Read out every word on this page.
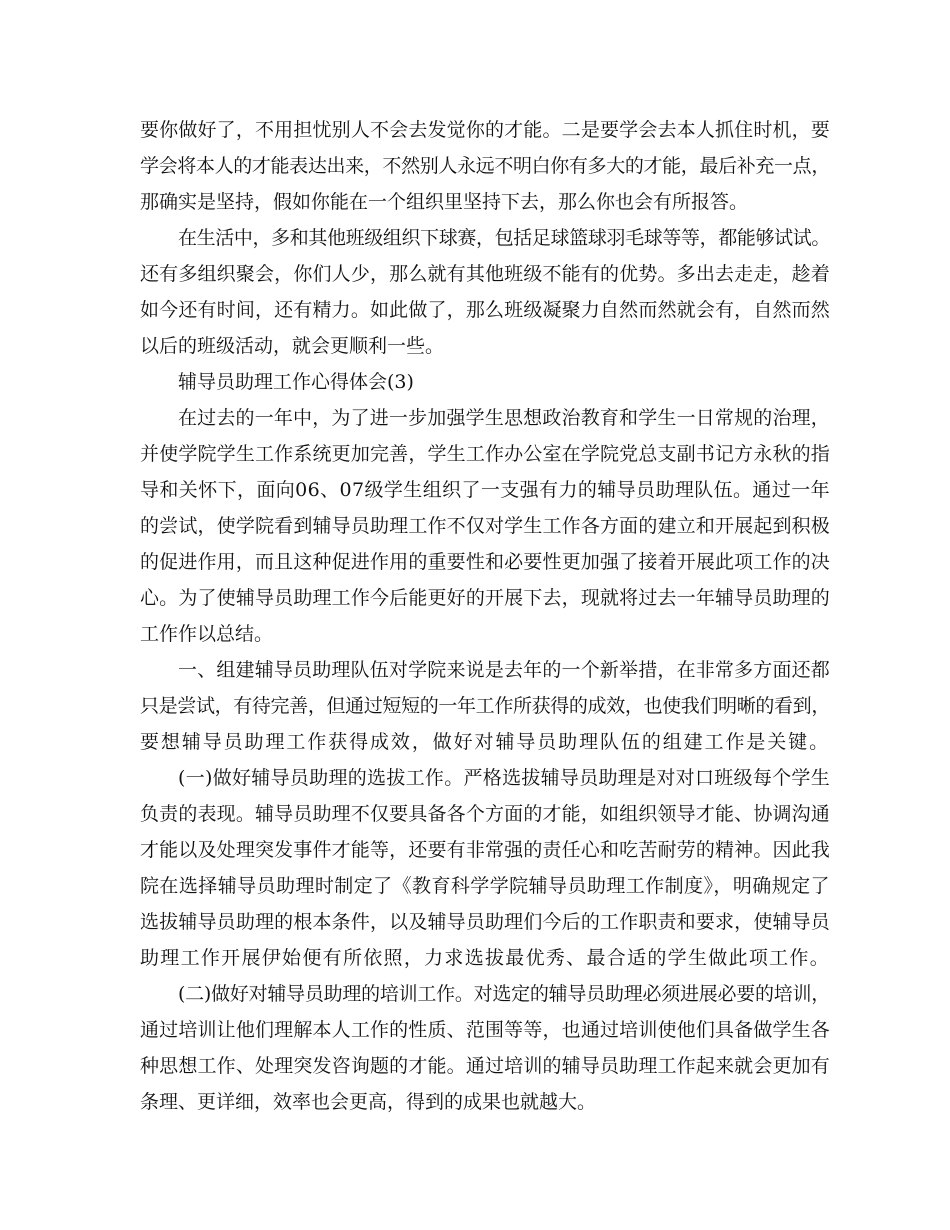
要你做好了，不用担忧别人不会去发觉你的才能。二是要学会去本人抓住时机，要
学会将本人的才能表达出来，不然别人永远不明白你有多大的才能，最后补充一点，
那确实是坚持，假如你能在一个组织里坚持下去，那么你也会有所报答。
在生活中，多和其他班级组织下球赛，包括足球篮球羽毛球等等，都能够试试。
还有多组织聚会，你们人少，那么就有其他班级不能有的优势。多出去走走，趁着
如今还有时间，还有精力。如此做了，那么班级凝聚力自然而然就会有，自然而然
以后的班级活动，就会更顺利一些。
辅导员助理工作心得体会(3)
在过去的一年中，为了进一步加强学生思想政治教育和学生一日常规的治理，
并使学院学生工作系统更加完善，学生工作办公室在学院党总支副书记方永秋的指
导和关怀下，面向06、07级学生组织了一支强有力的辅导员助理队伍。通过一年
的尝试，使学院看到辅导员助理工作不仅对学生工作各方面的建立和开展起到积极
的促进作用，而且这种促进作用的重要性和必要性更加强了接着开展此项工作的决
心。为了使辅导员助理工作今后能更好的开展下去，现就将过去一年辅导员助理的
工作作以总结。
一、组建辅导员助理队伍对学院来说是去年的一个新举措，在非常多方面还都
只是尝试，有待完善，但通过短短的一年工作所获得的成效，也使我们明晰的看到，
要想辅导员助理工作获得成效，做好对辅导员助理队伍的组建工作是关键。
(一)做好辅导员助理的选拔工作。严格选拔辅导员助理是对对口班级每个学生
负责的表现。辅导员助理不仅要具备各个方面的才能，如组织领导才能、协调沟通
才能以及处理突发事件才能等，还要有非常强的责任心和吃苦耐劳的精神。因此我
院在选择辅导员助理时制定了《教育科学学院辅导员助理工作制度》，明确规定了
选拔辅导员助理的根本条件，以及辅导员助理们今后的工作职责和要求，使辅导员
助理工作开展伊始便有所依照，力求选拔最优秀、最合适的学生做此项工作。
(二)做好对辅导员助理的培训工作。对选定的辅导员助理必须进展必要的培训，
通过培训让他们理解本人工作的性质、范围等等，也通过培训使他们具备做学生各
种思想工作、处理突发咨询题的才能。通过培训的辅导员助理工作起来就会更加有
条理、更详细，效率也会更高，得到的成果也就越大。
